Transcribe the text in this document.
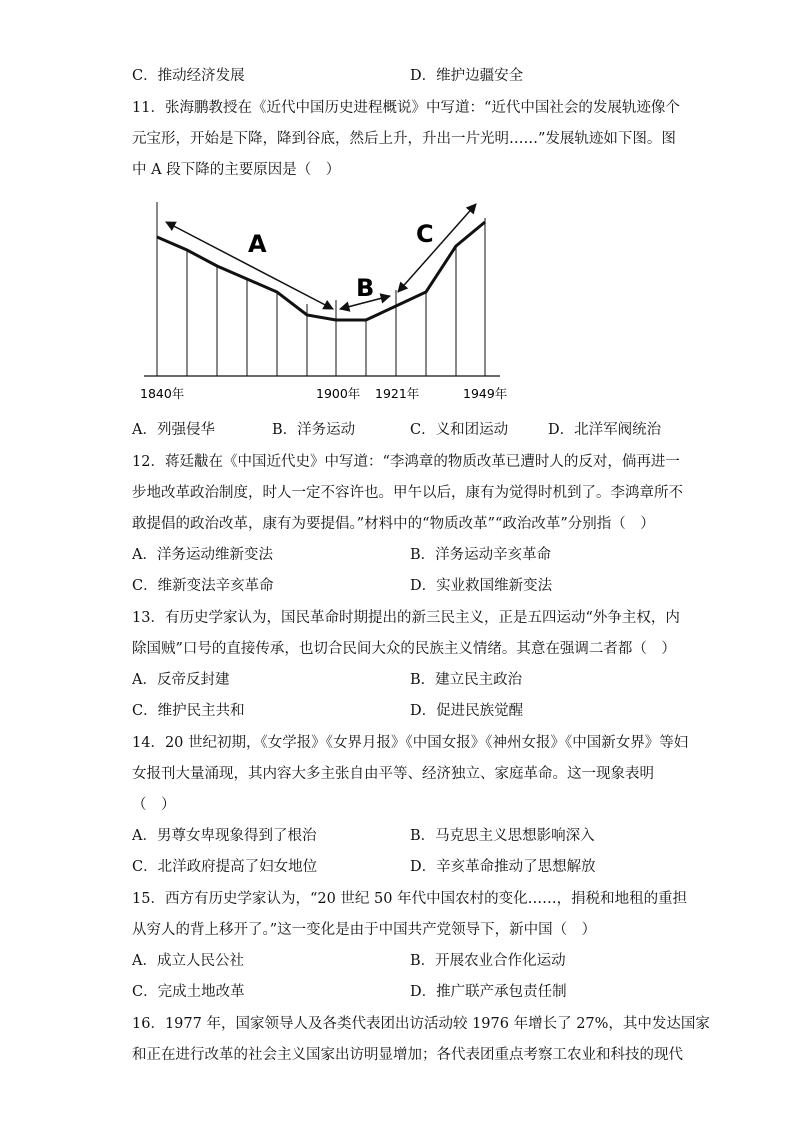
C．推动经济发展	D．维护边疆安全
11．张海鹏教授在《近代中国历史进程概说》中写道：“近代中国社会的发展轨迹像个
元宝形，开始是下降，降到谷底，然后上升，升出一片光明……”发展轨迹如下图。图
中 A 段下降的主要原因是（　）
A
B
C
1840年	1900年 1921年	1949年
A．列强侵华	B．洋务运动	C．义和团运动	D．北洋军阀统治
12．蒋廷黻在《中国近代史》中写道：“李鸿章的物质改革已遭时人的反对，倘再进一
步地改革政治制度，时人一定不容许也。甲午以后，康有为觉得时机到了。李鸿章所不
敢提倡的政治改革，康有为要提倡。”材料中的“物质改革”“政治改革”分别指（　）
A．洋务运动维新变法	B．洋务运动辛亥革命
C．维新变法辛亥革命	D．实业救国维新变法
13．有历史学家认为，国民革命时期提出的新三民主义，正是五四运动“外争主权，内
除国贼”口号的直接传承，也切合民间大众的民族主义情绪。其意在强调二者都（　）
A．反帝反封建	B．建立民主政治
C．维护民主共和	D．促进民族觉醒
14．20 世纪初期，《女学报》《女界月报》《中国女报》《神州女报》《中国新女界》等妇
女报刊大量涌现，其内容大多主张自由平等、经济独立、家庭革命。这一现象表明
（　）
A．男尊女卑现象得到了根治	B．马克思主义思想影响深入
C．北洋政府提高了妇女地位	D．辛亥革命推动了思想解放
15．西方有历史学家认为，“20 世纪 50 年代中国农村的变化……，捐税和地租的重担
从穷人的背上移开了。”这一变化是由于中国共产党领导下，新中国（　）
A．成立人民公社	B．开展农业合作化运动
C．完成土地改革	D．推广联产承包责任制
16．1977 年，国家领导人及各类代表团出访活动较 1976 年增长了 27%，其中发达国家
和正在进行改革的社会主义国家出访明显增加；各代表团重点考察工农业和科技的现代
